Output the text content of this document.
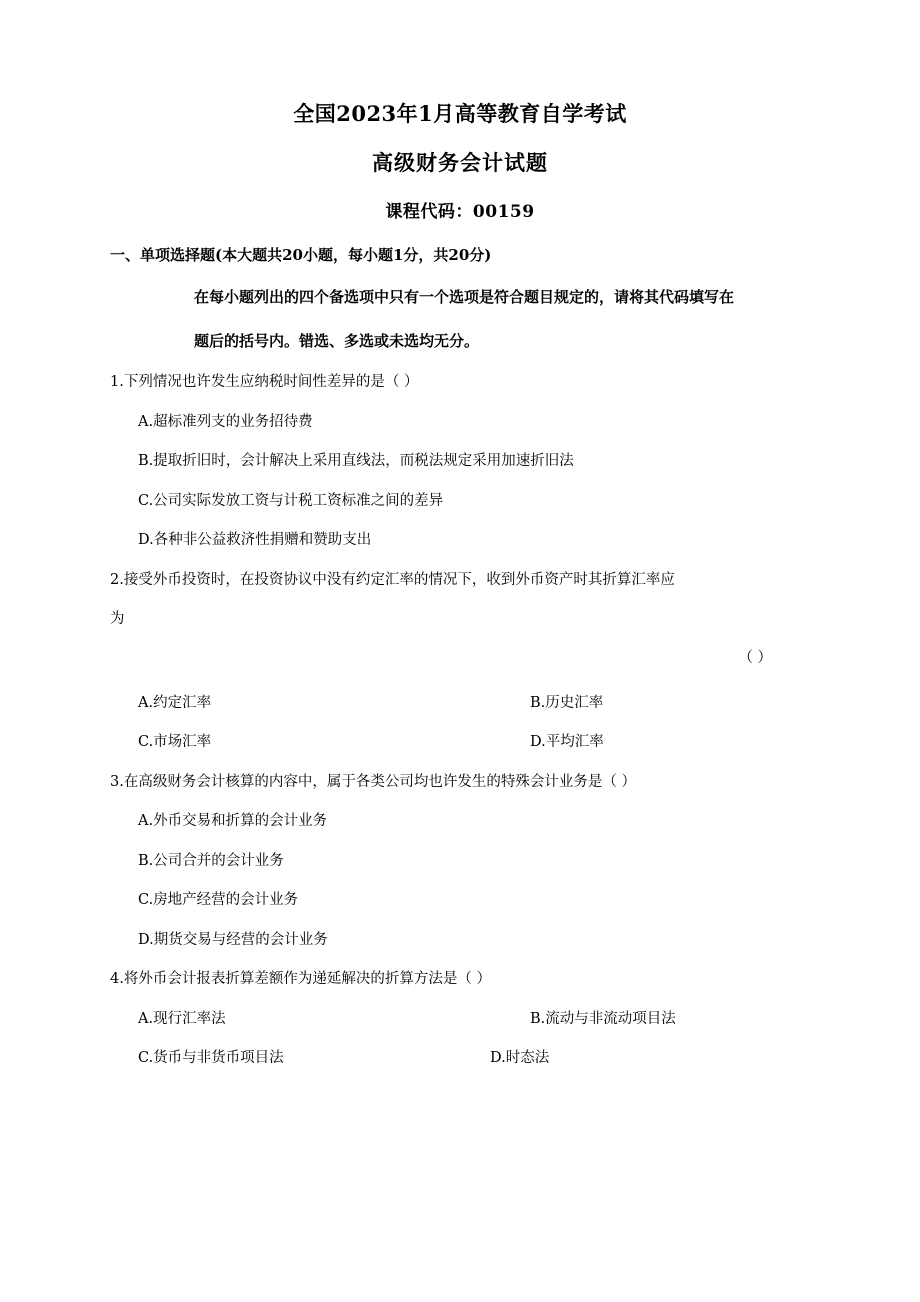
全国2023年1月高等教育自学考试
高级财务会计试题
课程代码：00159
一、单项选择题(本大题共20小题，每小题1分，共20分)
在每小题列出的四个备选项中只有一个选项是符合题目规定的，请将其代码填写在
题后的括号内。错选、多选或未选均无分。
1.下列情况也许发生应纳税时间性差异的是（ ）
A.超标准列支的业务招待费
B.提取折旧时，会计解决上采用直线法，而税法规定采用加速折旧法
C.公司实际发放工资与计税工资标准之间的差异
D.各种非公益救济性捐赠和赞助支出
2.接受外币投资时，在投资协议中没有约定汇率的情况下，收到外币资产时其折算汇率应
为
（ ）
A.约定汇率	B.历史汇率
C.市场汇率	D.平均汇率
3.在高级财务会计核算的内容中，属于各类公司均也许发生的特殊会计业务是（ ）
A.外币交易和折算的会计业务
B.公司合并的会计业务
C.房地产经营的会计业务
D.期货交易与经营的会计业务
4.将外币会计报表折算差额作为递延解决的折算方法是（ ）
A.现行汇率法	B.流动与非流动项目法
C.货币与非货币项目法	D.时态法
